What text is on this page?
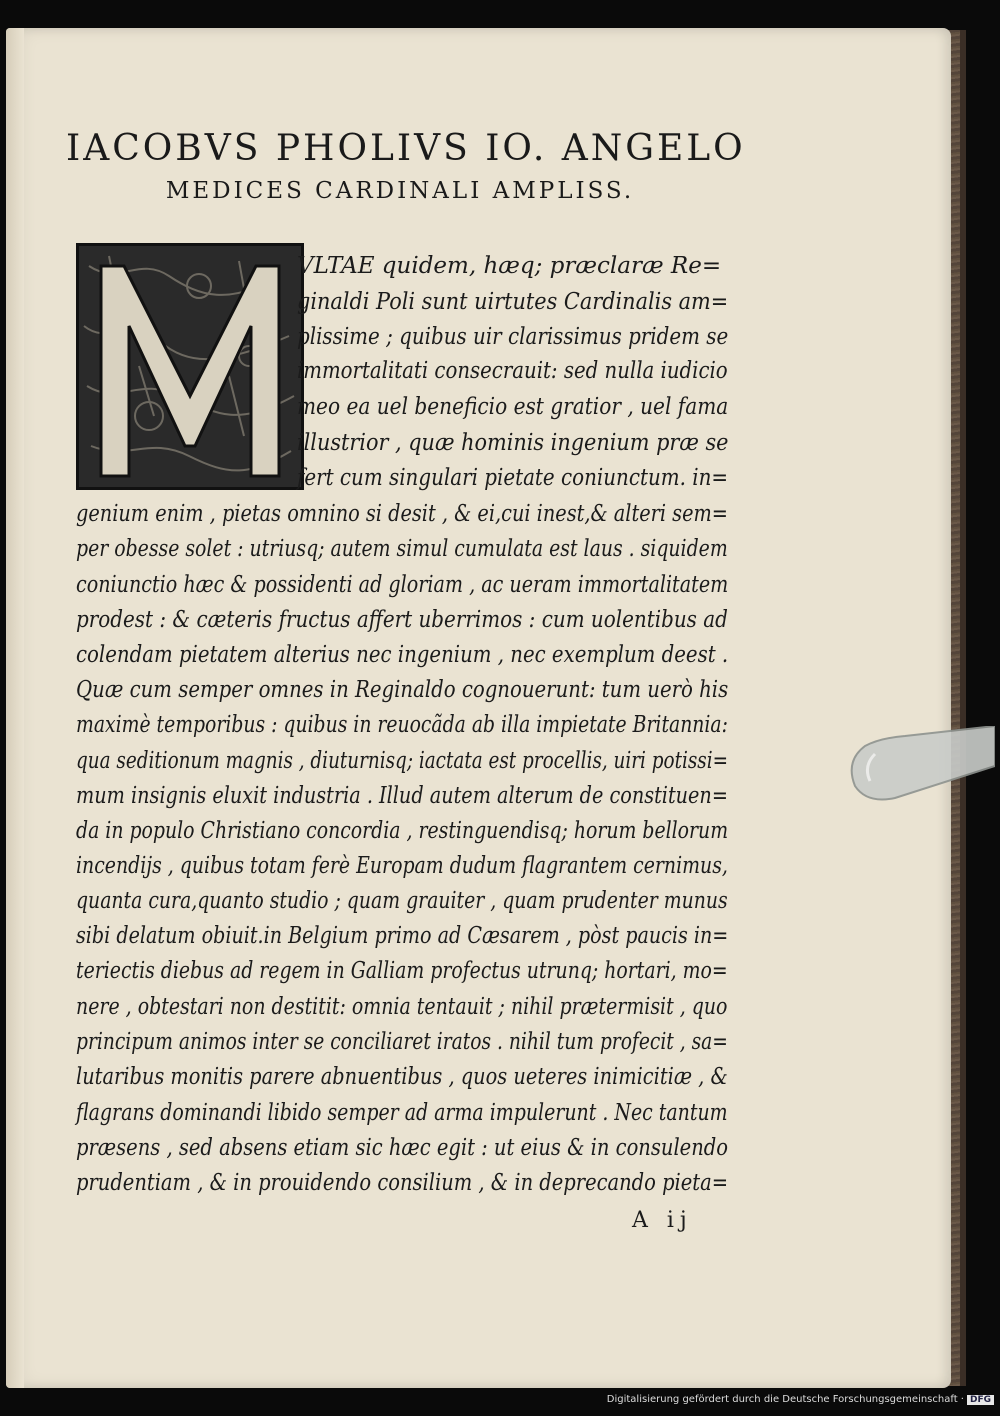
IACOBVS PHOLIVS IO. ANGELO
MEDICES CARDINALI AMPLISS.
VLTAE quidem, hæq; præclaræ Re=
ginaldi Poli sunt uirtutes Cardinalis am=
plissime ; quibus uir clarissimus pridem se
immortalitati consecrauit: sed nulla iudicio
meo ea uel beneficio est gratior , uel fama
illustrior , quæ hominis ingenium præ se
fert cum singulari pietate coniunctum. in=
genium enim , pietas omnino si desit , & ei,cui inest,& alteri sem=
per obesse solet : utriusq; autem simul cumulata est laus . siquidem
coniunctio hæc & possidenti ad gloriam , ac ueram immortalitatem
prodest : & cæteris fructus affert uberrimos : cum uolentibus ad
colendam pietatem alterius nec ingenium , nec exemplum deest .
Quæ cum semper omnes in Reginaldo cognouerunt: tum uerò his
maximè temporibus : quibus in reuocãda ab illa impietate Britannia:
qua seditionum magnis , diuturnisq; iactata est procellis, uiri potissi=
mum insignis eluxit industria . Illud autem alterum de constituen=
da in populo Christiano concordia , restinguendisq; horum bellorum
incendijs , quibus totam ferè Europam dudum flagrantem cernimus,
quanta cura,quanto studio ; quam grauiter , quam prudenter munus
sibi delatum obiuit.in Belgium primo ad Cæsarem , pòst paucis in=
teriectis diebus ad regem in Galliam profectus utrunq; hortari, mo=
nere , obtestari non destitit: omnia tentauit ; nihil prætermisit , quo
principum animos inter se conciliaret iratos . nihil tum profecit , sa=
lutaribus monitis parere abnuentibus , quos ueteres inimicitiæ , &
flagrans dominandi libido semper ad arma impulerunt . Nec tantum
præsens , sed absens etiam sic hæc egit : ut eius & in consulendo
prudentiam , & in prouidendo consilium , & in deprecando pieta=
A ij
Digitalisierung gefördert durch die Deutsche Forschungsgemeinschaft · DFG
